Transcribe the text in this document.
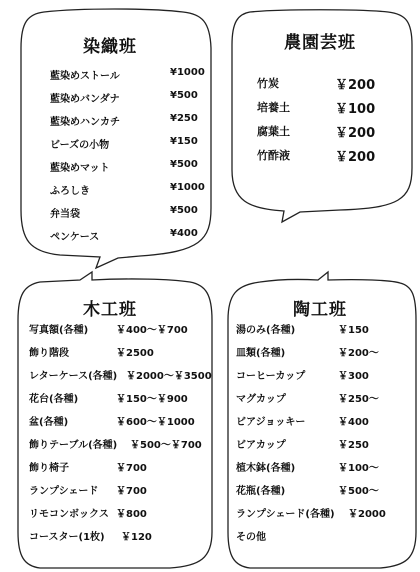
染織班
藍染めストール	¥1000
藍染めバンダナ	¥500
藍染めハンカチ	¥250
ビーズの小物	¥150
藍染めマット	¥500
ふろしき	¥1000
弁当袋	¥500
ペンケース	¥400
農園芸班
竹炭	￥200
培養土	￥100
腐葉土	￥200
竹酢液	￥200
木工班
写真額(各種)	￥400～￥700
飾り階段	￥2500
レターケース(各種) ￥2000～￥3500
花台(各種)	￥150～￥900
盆(各種)	￥600～￥1000
飾りテーブル(各種) ￥500～￥700
飾り椅子	￥700
ランプシェード ￥700
リモコンボックス ￥800
コースター(1枚) ￥120
陶工班
湯のみ(各種)	￥150
皿類(各種)	￥200～
コーヒーカップ	￥300
マグカップ	￥250～
ビアジョッキー	￥400
ビアカップ	￥250
植木鉢(各種)	￥100～
花瓶(各種)	￥500～
ランプシェード(各種) ￥2000
その他
